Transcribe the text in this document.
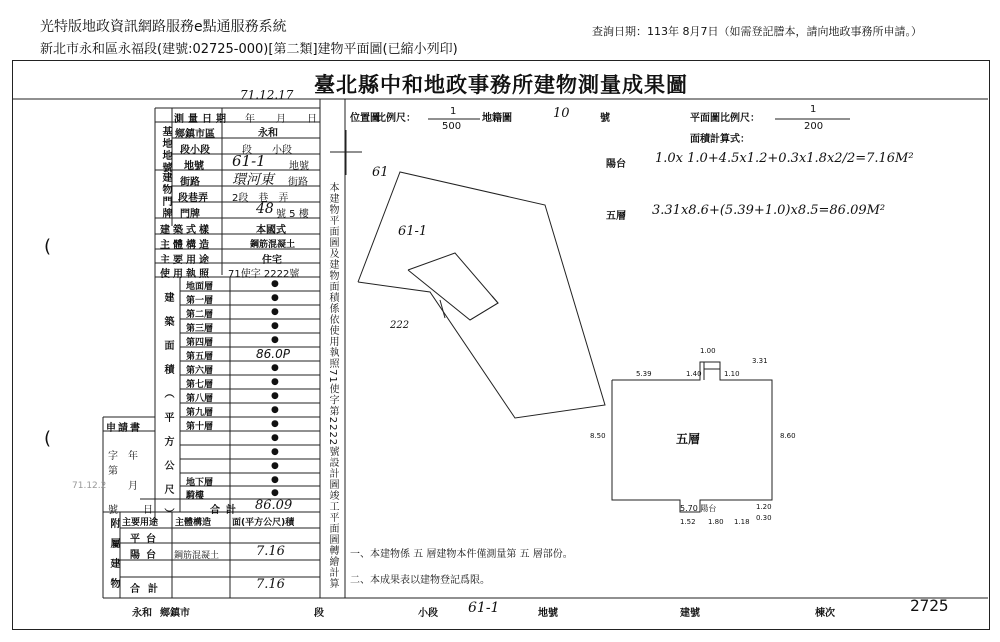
光特版地政資訊網路服務e點通服務系統
新北市永和區永福段(建號:02725-000)[第二類]建物平面圖(已縮小列印)
查詢日期：113年 8月7日（如需登記謄本，請向地政事務所申請。）
(
(
臺北縣中和地政事務所建物測量成果圖
71.12.17
測量日期 年 月 日
基地地號 鄉鎮市區	永和
段小段	段　　小段
地號 61-1 地號
建物門牌 街路 環河東 街路
段巷弄 2段　巷　弄
門牌	48 號 5 樓
建築式樣	本國式
主體構造	鋼筋混凝土
主要用途	住宅
使用執照 71使字 2222號
建築面積（平方公尺）
地面層	●
第一層	●
第二層	●
第三層	●
第四層	●
第五層	86.0P
第六層	●
第七層	●
第八層	●
第九層	●
第十層	●
●
●
●
地下層	●
騎樓	●
合計 86.09
申請書
字 年
第
月
71.12.2
號	日
附屬建物 主要用途 主體構造 面(平方公尺)積
平台
陽台 鋼筋混凝土	7.16
合計	7.16	本建物平面圖及建物面積係依使用執照71使字第2222號設計圖竣工平面圖轉繪計算
位置圖
比例尺：
1
500
地籍圖	10	號	平面圖比例尺：
1
200
面積計算式：
陽台 1.0x 1.0+4.5x1.2+0.3x1.8x2/2=7.16M²
五層 3.31x8.6+(5.39+1.0)x8.5=86.09M²
61
61-1
222
五層
5.39
1.00
1.40	1.10
3.31
8.50	8.60
5.70 陽台
1.52 1.80 1.18
1.20
0.30
一、本建物係 五 層建物本件僅測量第 五 層部份。
二、本成果表以建物登記爲限。
永和 鄉鎮市	段	小段 61-1	地號	建號	棟次	2725
